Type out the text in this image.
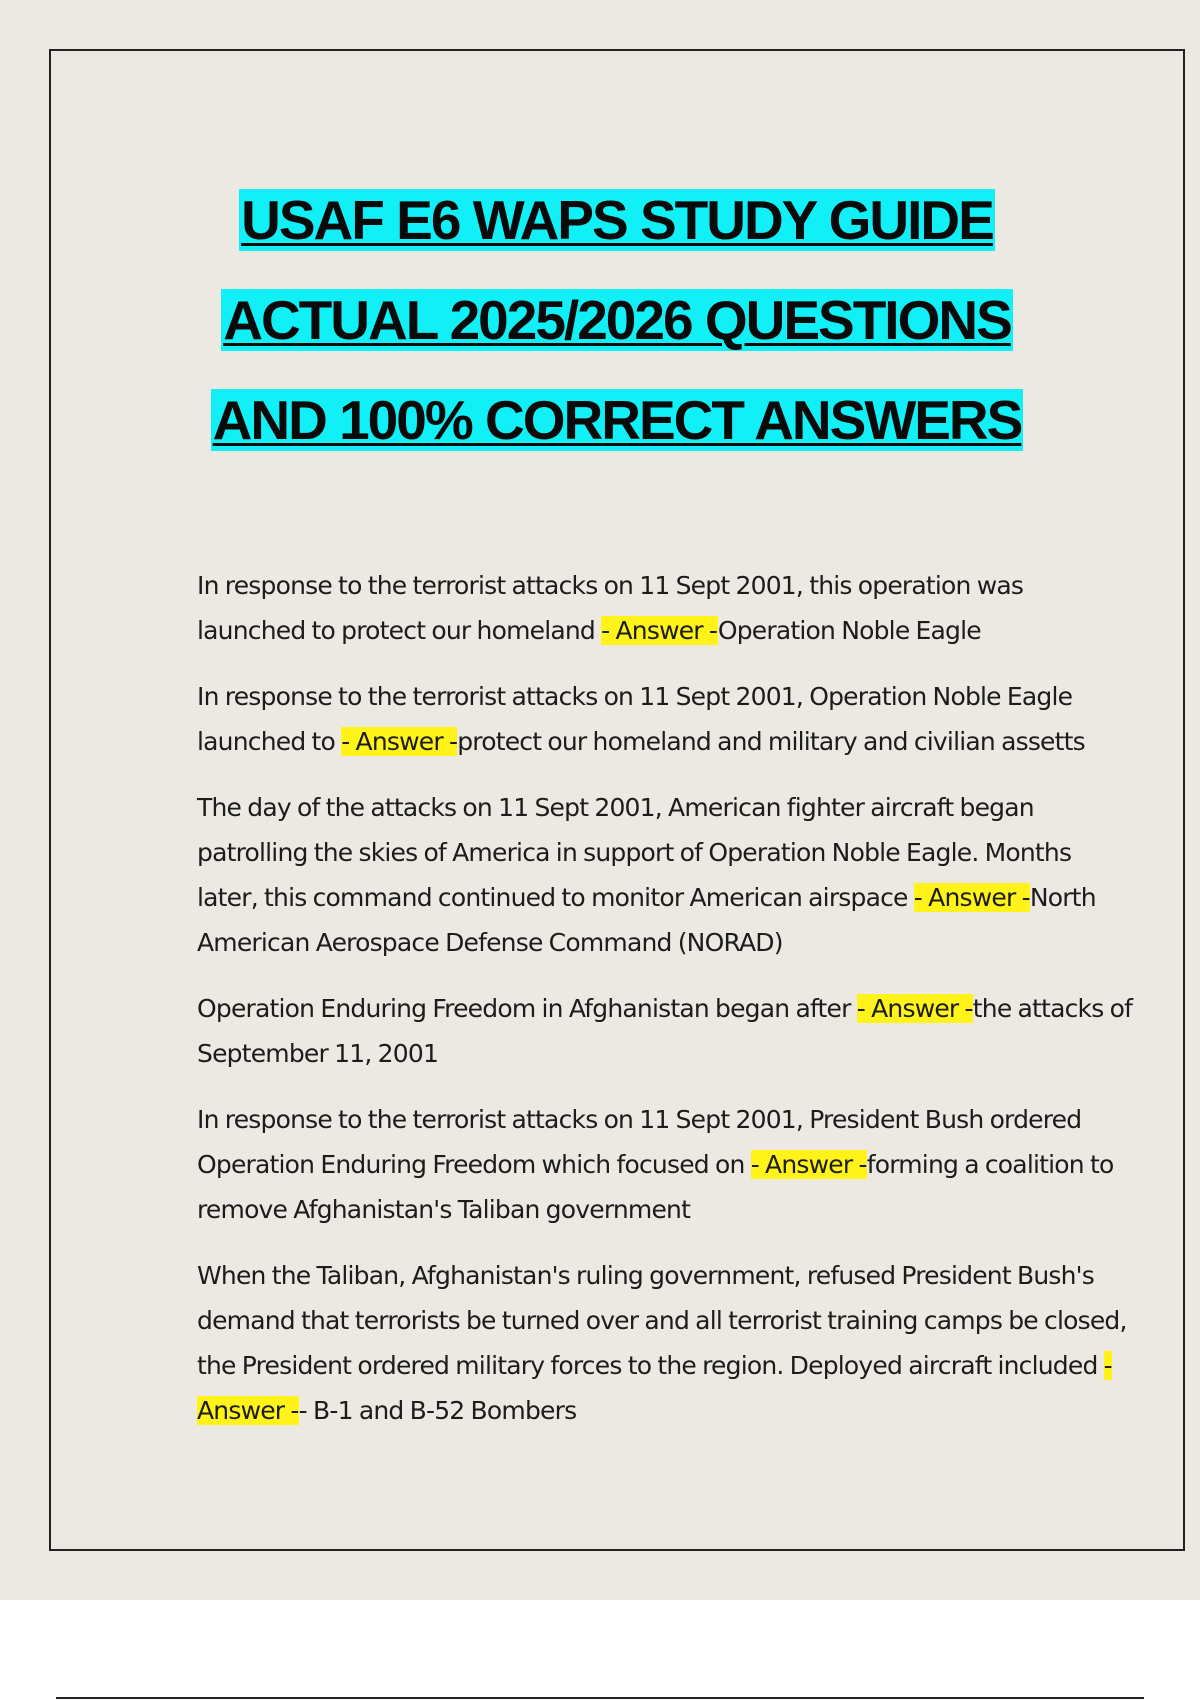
USAF E6 WAPS STUDY GUIDE
ACTUAL 2025/2026 QUESTIONS
AND 100% CORRECT ANSWERS

In response to the terrorist attacks on 11 Sept 2001, this operation was launched to protect our homeland - Answer -Operation Noble Eagle

In response to the terrorist attacks on 11 Sept 2001, Operation Noble Eagle launched to - Answer -protect our homeland and military and civilian assetts

The day of the attacks on 11 Sept 2001, American fighter aircraft began patrolling the skies of America in support of Operation Noble Eagle. Months later, this command continued to monitor American airspace - Answer -North American Aerospace Defense Command (NORAD)

Operation Enduring Freedom in Afghanistan began after - Answer -the attacks of September 11, 2001

In response to the terrorist attacks on 11 Sept 2001, President Bush ordered Operation Enduring Freedom which focused on - Answer -forming a coalition to remove Afghanistan's Taliban government

When the Taliban, Afghanistan's ruling government, refused President Bush's demand that terrorists be turned over and all terrorist training camps be closed, the President ordered military forces to the region. Deployed aircraft included - Answer -- B-1 and B-52 Bombers
